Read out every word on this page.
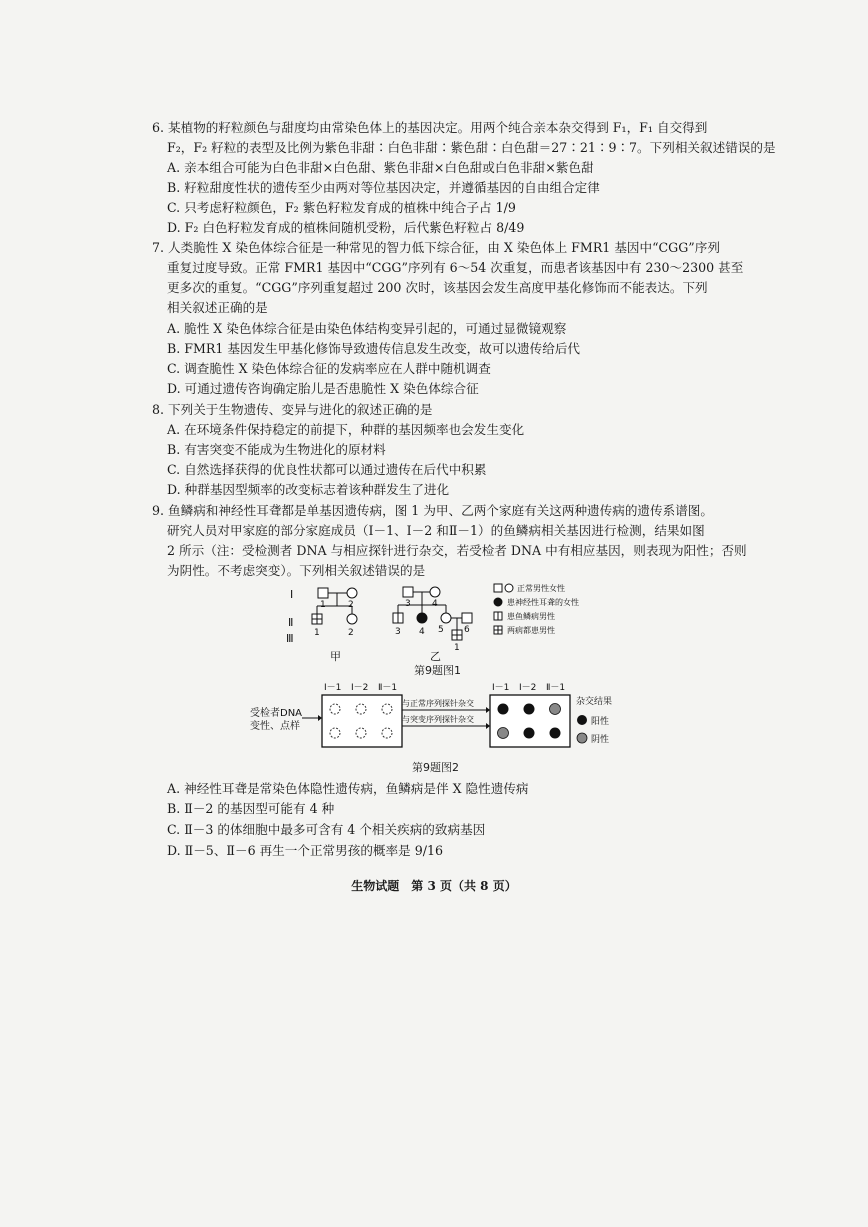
6. 某植物的籽粒颜色与甜度均由常染色体上的基因决定。用两个纯合亲本杂交得到 F₁，F₁ 自交得到
F₂，F₂ 籽粒的表型及比例为紫色非甜∶白色非甜∶紫色甜∶白色甜＝27∶21∶9∶7。下列相关叙述错误的是
A. 亲本组合可能为白色非甜×白色甜、紫色非甜×白色甜或白色非甜×紫色甜
B. 籽粒甜度性状的遗传至少由两对等位基因决定，并遵循基因的自由组合定律
C. 只考虑籽粒颜色，F₂ 紫色籽粒发育成的植株中纯合子占 1/9
D. F₂ 白色籽粒发育成的植株间随机受粉，后代紫色籽粒占 8/49
7. 人类脆性 X 染色体综合征是一种常见的智力低下综合征，由 X 染色体上 FMR1 基因中“CGG”序列
重复过度导致。正常 FMR1 基因中“CGG”序列有 6～54 次重复，而患者该基因中有 230～2300 甚至
更多次的重复。“CGG”序列重复超过 200 次时，该基因会发生高度甲基化修饰而不能表达。下列
相关叙述正确的是
A. 脆性 X 染色体综合征是由染色体结构变异引起的，可通过显微镜观察
B. FMR1 基因发生甲基化修饰导致遗传信息发生改变，故可以遗传给后代
C. 调查脆性 X 染色体综合征的发病率应在人群中随机调查
D. 可通过遗传咨询确定胎儿是否患脆性 X 染色体综合征
8. 下列关于生物遗传、变异与进化的叙述正确的是
A. 在环境条件保持稳定的前提下，种群的基因频率也会发生变化
B. 有害突变不能成为生物进化的原材料
C. 自然选择获得的优良性状都可以通过遗传在后代中积累
D. 种群基因型频率的改变标志着该种群发生了进化
9. 鱼鳞病和神经性耳聋都是单基因遗传病，图 1 为甲、乙两个家庭有关这两种遗传病的遗传系谱图。
研究人员对甲家庭的部分家庭成员（Ⅰ－1、Ⅰ－2 和Ⅱ－1）的鱼鳞病相关基因进行检测，结果如图
2 所示（注：受检测者 DNA 与相应探针进行杂交，若受检者 DNA 中有相应基因，则表现为阳性；否则
为阴性。不考虑突变）。下列相关叙述错误的是
Ⅰ
Ⅱ
Ⅲ
1 2
1	2
甲
3 4
3 4 5 6
1
乙
正常男性女性
患神经性耳聋的女性
患鱼鳞病男性
两病都患男性
第9题图1
受检者DNA
变性、点样
Ⅰ－1 Ⅰ－2 Ⅱ－1
与正常序列探针杂交
与突变序列探针杂交
Ⅰ－1 Ⅰ－2 Ⅱ－1
杂交结果
阳性
阴性
第9题图2
A. 神经性耳聋是常染色体隐性遗传病，鱼鳞病是伴 X 隐性遗传病
B. Ⅱ－2 的基因型可能有 4 种
C. Ⅱ－3 的体细胞中最多可含有 4 个相关疾病的致病基因
D. Ⅱ－5、Ⅱ－6 再生一个正常男孩的概率是 9/16
生物试题　第 3 页（共 8 页）
